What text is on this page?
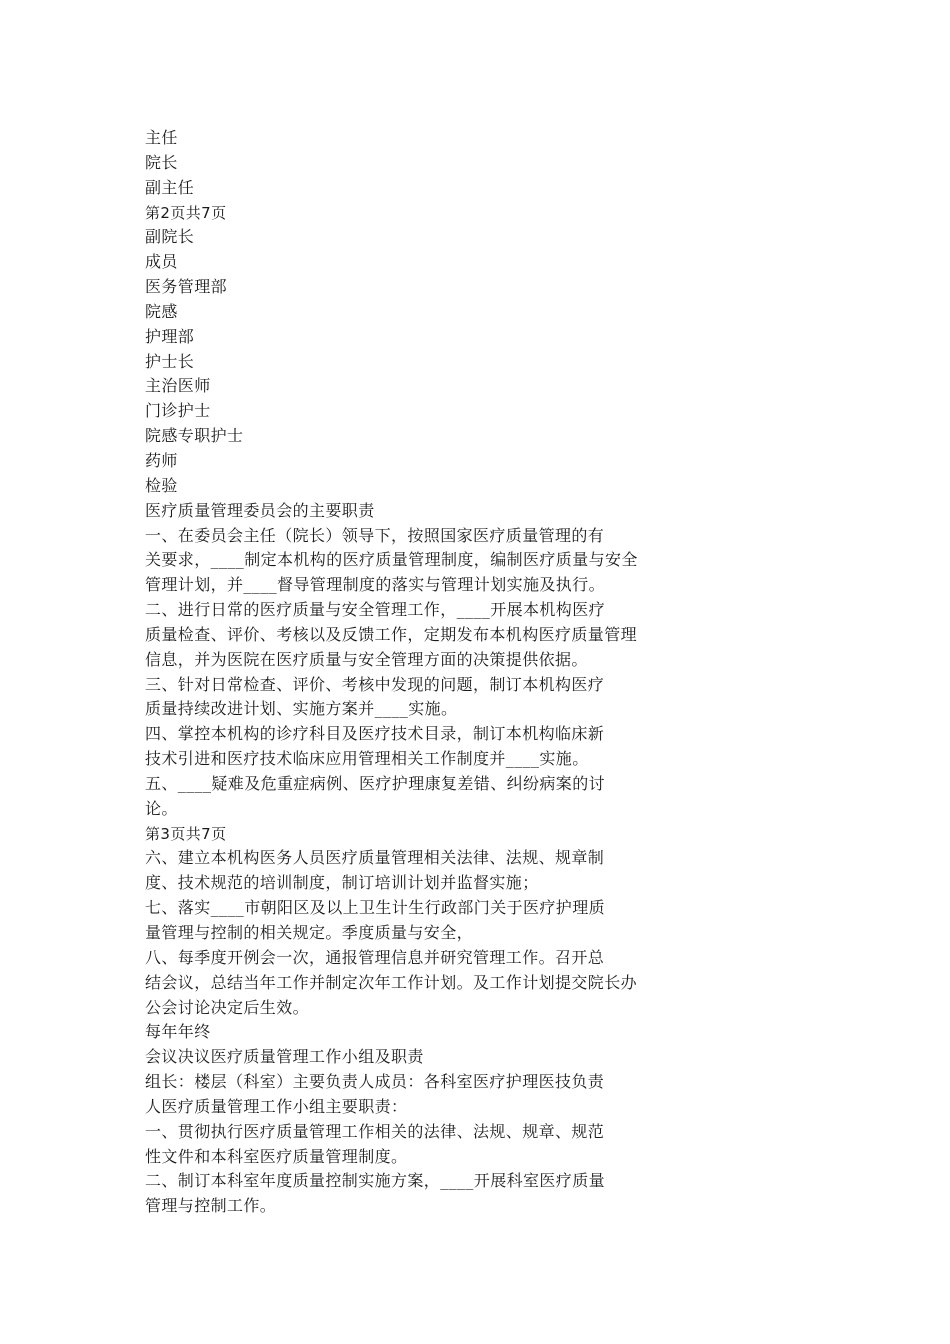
主任
院长
副主任
第2页共7页
副院长
成员
医务管理部
院感
护理部
护士长
主治医师
门诊护士
院感专职护士
药师
检验
医疗质量管理委员会的主要职责
一、在委员会主任（院长）领导下，按照国家医疗质量管理的有
关要求，____制定本机构的医疗质量管理制度，编制医疗质量与安全
管理计划，并____督导管理制度的落实与管理计划实施及执行。
二、进行日常的医疗质量与安全管理工作，____开展本机构医疗
质量检查、评价、考核以及反馈工作，定期发布本机构医疗质量管理
信息，并为医院在医疗质量与安全管理方面的决策提供依据。
三、针对日常检查、评价、考核中发现的问题，制订本机构医疗
质量持续改进计划、实施方案并____实施。
四、掌控本机构的诊疗科目及医疗技术目录，制订本机构临床新
技术引进和医疗技术临床应用管理相关工作制度并____实施。
五、____疑难及危重症病例、医疗护理康复差错、纠纷病案的讨
论。
第3页共7页
六、建立本机构医务人员医疗质量管理相关法律、法规、规章制
度、技术规范的培训制度，制订培训计划并监督实施；
七、落实____市朝阳区及以上卫生计生行政部门关于医疗护理质
量管理与控制的相关规定。季度质量与安全，
八、每季度开例会一次，通报管理信息并研究管理工作。召开总
结会议，总结当年工作并制定次年工作计划。及工作计划提交院长办
公会讨论决定后生效。
每年年终
会议决议医疗质量管理工作小组及职责
组长：楼层（科室）主要负责人成员：各科室医疗护理医技负责
人医疗质量管理工作小组主要职责：
一、贯彻执行医疗质量管理工作相关的法律、法规、规章、规范
性文件和本科室医疗质量管理制度。
二、制订本科室年度质量控制实施方案，____开展科室医疗质量
管理与控制工作。
